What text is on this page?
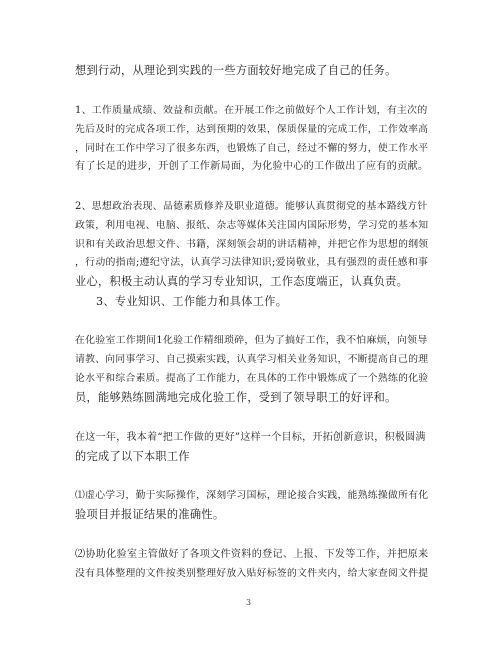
想到行动，从理论到实践的一些方面较好地完成了自己的任务。
1、工作质量成绩、效益和贡献。在开展工作之前做好个人工作计划，有主次的
先后及时的完成各项工作，达到预期的效果，保质保量的完成工作，工作效率高
，同时在工作中学习了很多东西，也锻炼了自己，经过不懈的努力，使工作水平
有了长足的进步，开创了工作新局面，为化验中心的工作做出了应有的贡献。
2、思想政治表现、品德素质修养及职业道德。能够认真贯彻党的基本路线方针
政策，利用电视、电脑、报纸、杂志等媒体关注国内国际形势，学习党的基本知
识和有关政治思想文件、书籍，深刻领会胡的讲话精神，并把它作为思想的纲领
，行动的指南;遵纪守法，认真学习法律知识;爱岗敬业，具有强烈的责任感和事
业心，积极主动认真的学习专业知识，工作态度端正，认真负责。
3、专业知识、工作能力和具体工作。
在化验室工作期间1化验工作精细琐碎，但为了搞好工作，我不怕麻烦，向领导
请教、向同事学习、自己摸索实践，认真学习相关业务知识，不断提高自己的理
论水平和综合素质。提高了工作能力，在具体的工作中锻炼成了一个熟练的化验
员，能够熟练圆满地完成化验工作，受到了领导职工的好评和。
在这一年，我本着“把工作做的更好”这样一个目标，开拓创新意识，积极圆满
的完成了以下本职工作
⑴虚心学习，勤于实际操作，深刻学习国标，理论接合实践，能熟练操做所有化
验项目并报证结果的准确性。
⑵协助化验室主管做好了各项文件资料的登记、上报、下发等工作，并把原来
没有具体整理的文件按类别整理好放入贴好标签的文件夹内，给大家查阅文件提
3
